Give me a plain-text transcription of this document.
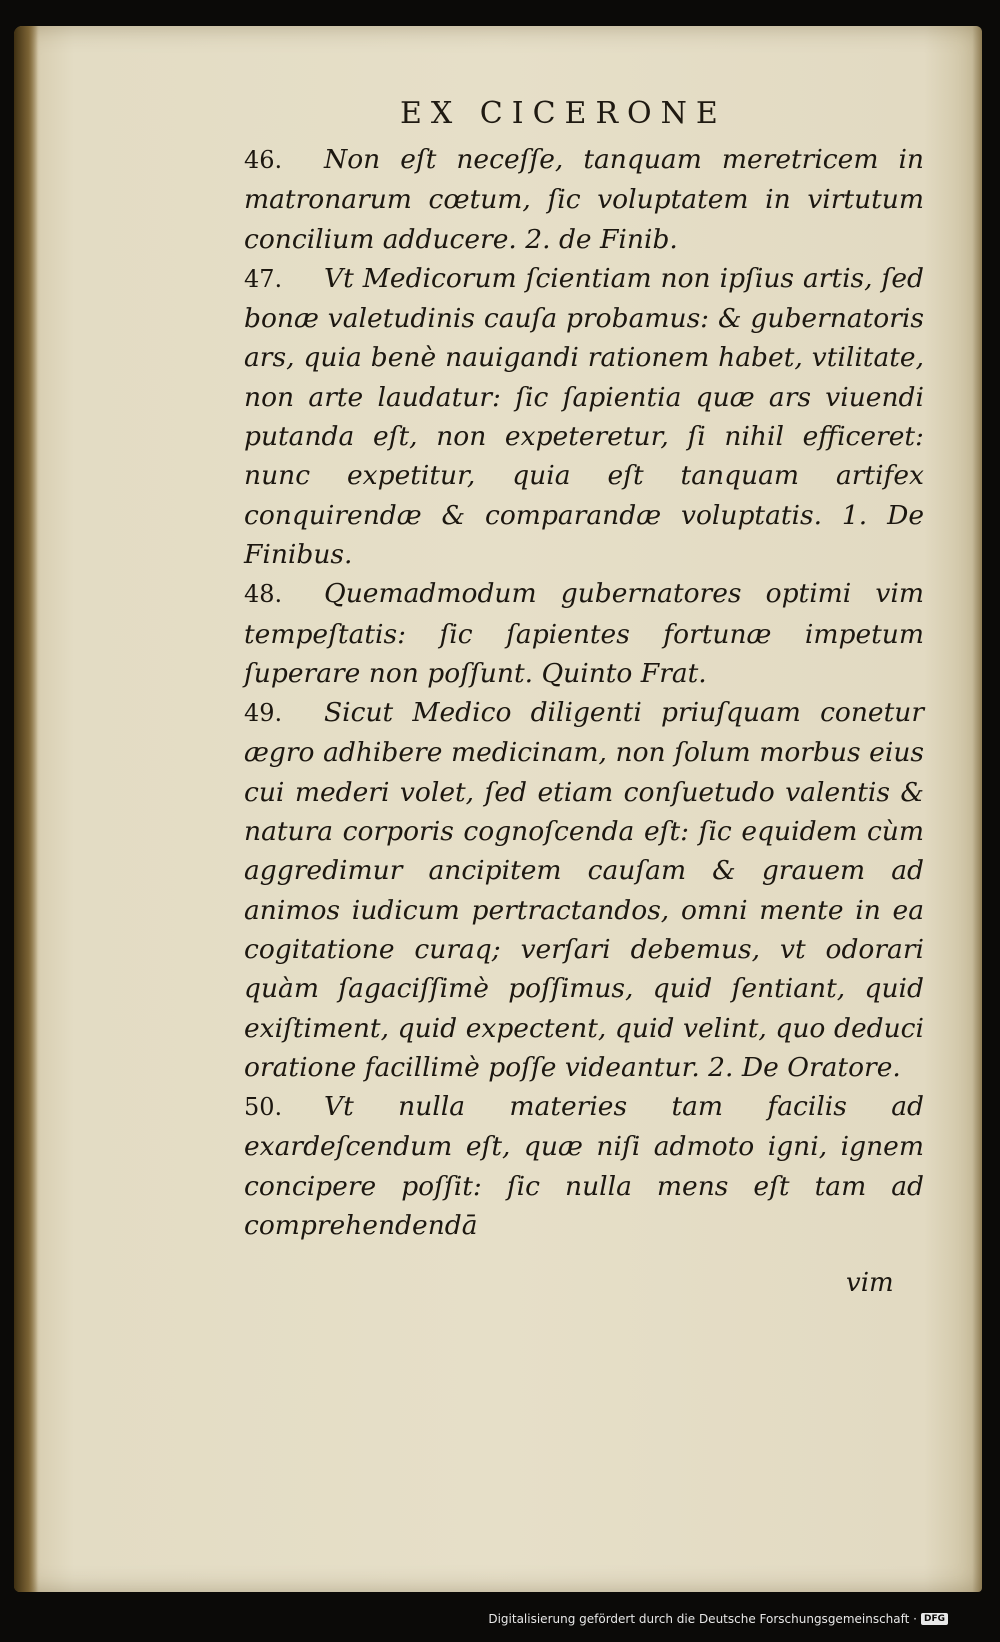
EX CICERONE

46. Non eſt neceſſe, tanquam meretricem in matronarum cœtum, ſic voluptatem in virtutum concilium adducere. 2. de Finib.

47. Vt Medicorum ſcientiam non ipſius artis, ſed bonæ valetudinis cauſa probamus: & gubernatoris ars, quia benè nauigandi rationem habet, vtilitate, non arte laudatur: ſic ſapientia quæ ars viuendi putanda eſt, non expeteretur, ſi nihil efficeret: nunc expetitur, quia eſt tanquam artifex conquirendæ & comparandæ voluptatis. 1. De Finibus.

48. Quemadmodum gubernatores optimi vim tempeſtatis: ſic ſapientes fortunæ impetum ſuperare non poſſunt. Quinto Frat.

49. Sicut Medico diligenti priuſquam conetur ægro adhibere medicinam, non ſolum morbus eius cui mederi volet, ſed etiam conſuetudo valentis & natura corporis cognoſcenda eſt: ſic equidem cùm aggredimur ancipitem cauſam & grauem ad animos iudicum pertractandos, omni mente in ea cogitatione curaq; verſari debemus, vt odorari quàm ſagaciſſimè poſſimus, quid ſentiant, quid exiſtiment, quid expectent, quid velint, quo deduci oratione facillimè poſſe videantur. 2. De Oratore.

50. Vt nulla materies tam facilis ad exardeſcendum eſt, quæ niſi admoto igni, ignem concipere poſſit: ſic nulla mens eſt tam ad comprehendendā

vim
Digitalisierung gefördert durch die Deutsche Forschungsgemeinschaft · DFG
